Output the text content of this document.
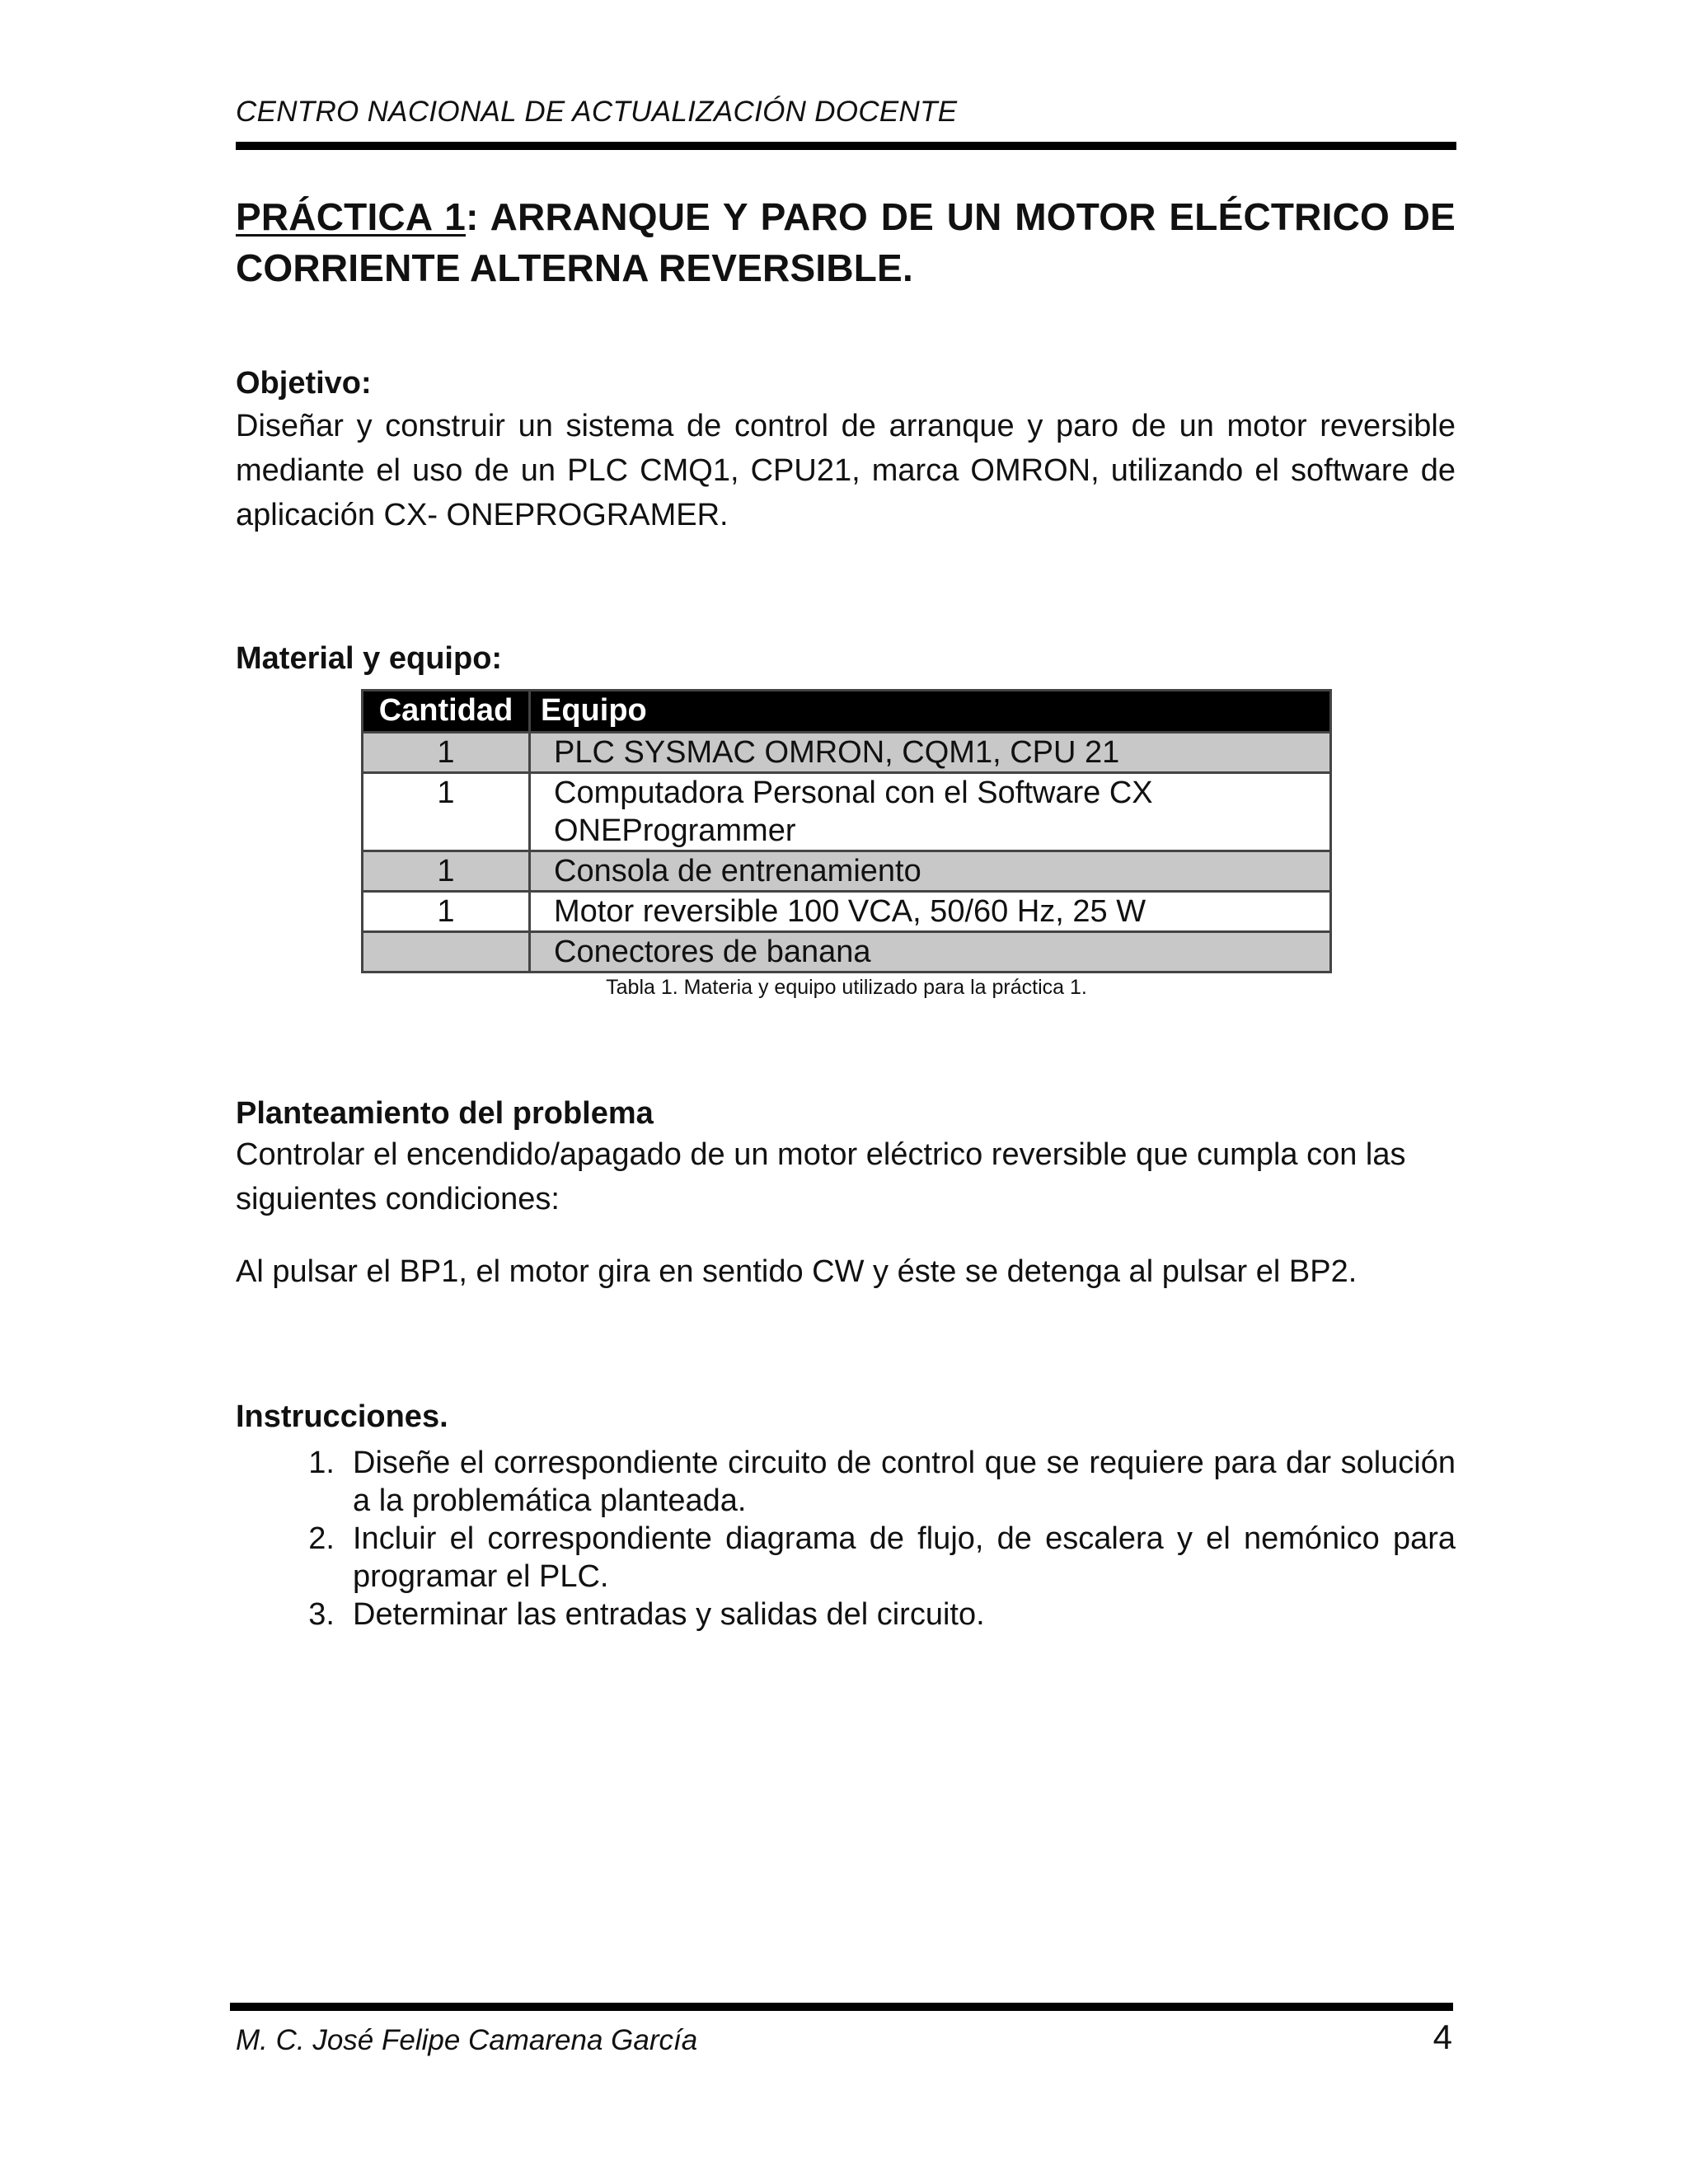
CENTRO NACIONAL DE ACTUALIZACIÓN DOCENTE
PRÁCTICA 1: ARRANQUE Y PARO DE UN MOTOR ELÉCTRICO DE CORRIENTE ALTERNA REVERSIBLE.
Objetivo:
Diseñar y construir un sistema de control de arranque y paro de un motor reversible mediante el uso de un PLC CMQ1, CPU21, marca OMRON, utilizando el software de aplicación CX- ONEPROGRAMER.
Material y equipo:
Cantidad	Equipo
1	PLC SYSMAC OMRON, CQM1, CPU 21
1	Computadora Personal con el Software CX
ONEProgrammer

1	Consola de entrenamiento
1	Motor reversible 100 VCA, 50/60 Hz, 25 W
	Conectores de banana
Tabla 1. Materia y equipo utilizado para la práctica 1.
Planteamiento del problema
Controlar el encendido/apagado de un motor eléctrico reversible que cumpla con las siguientes condiciones:
Al pulsar el BP1, el motor gira en sentido CW y éste se detenga al pulsar el BP2.
Instrucciones.
1. Diseñe el correspondiente circuito de control que se requiere para dar solución a la problemática planteada.
2. Incluir el correspondiente diagrama de flujo, de escalera y el nemónico para programar el PLC.
3. Determinar las entradas y salidas del circuito.
M. C. José Felipe Camarena García	4
